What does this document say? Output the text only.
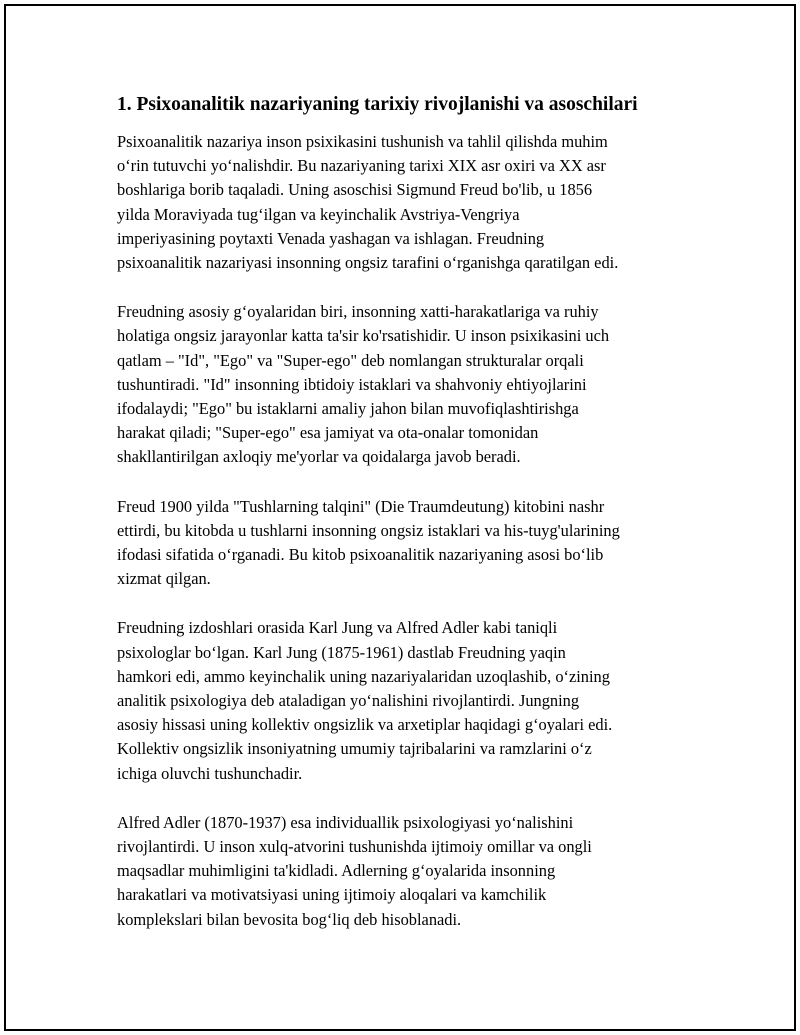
1. Psixoanalitik nazariyaning tarixiy rivojlanishi va asoschilari
Psixoanalitik nazariya inson psixikasini tushunish va tahlil qilishda muhim
oʻrin tutuvchi yoʻnalishdir. Bu nazariyaning tarixi XIX asr oxiri va XX asr
boshlariga borib taqaladi. Uning asoschisi Sigmund Freud bo'lib, u 1856
yilda Moraviyada tugʻilgan va keyinchalik Avstriya-Vengriya
imperiyasining poytaxti Venada yashagan va ishlagan. Freudning
psixoanalitik nazariyasi insonning ongsiz tarafini oʻrganishga qaratilgan edi.
Freudning asosiy gʻoyalaridan biri, insonning xatti-harakatlariga va ruhiy
holatiga ongsiz jarayonlar katta ta'sir ko'rsatishidir. U inson psixikasini uch
qatlam – "Id", "Ego" va "Super-ego" deb nomlangan strukturalar orqali
tushuntiradi. "Id" insonning ibtidoiy istaklari va shahvoniy ehtiyojlarini
ifodalaydi; "Ego" bu istaklarni amaliy jahon bilan muvofiqlashtirishga
harakat qiladi; "Super-ego" esa jamiyat va ota-onalar tomonidan
shakllantirilgan axloqiy me'yorlar va qoidalarga javob beradi.
Freud 1900 yilda "Tushlarning talqini" (Die Traumdeutung) kitobini nashr
ettirdi, bu kitobda u tushlarni insonning ongsiz istaklari va his-tuyg'ularining
ifodasi sifatida oʻrganadi. Bu kitob psixoanalitik nazariyaning asosi boʻlib
xizmat qilgan.
Freudning izdoshlari orasida Karl Jung va Alfred Adler kabi taniqli
psixologlar boʻlgan. Karl Jung (1875-1961) dastlab Freudning yaqin
hamkori edi, ammo keyinchalik uning nazariyalaridan uzoqlashib, oʻzining
analitik psixologiya deb ataladigan yoʻnalishini rivojlantirdi. Jungning
asosiy hissasi uning kollektiv ongsizlik va arxetiplar haqidagi gʻoyalari edi.
Kollektiv ongsizlik insoniyatning umumiy tajribalarini va ramzlarini oʻz
ichiga oluvchi tushunchadir.
Alfred Adler (1870-1937) esa individuallik psixologiyasi yoʻnalishini
rivojlantirdi. U inson xulq-atvorini tushunishda ijtimoiy omillar va ongli
maqsadlar muhimligini ta'kidladi. Adlerning gʻoyalarida insonning
harakatlari va motivatsiyasi uning ijtimoiy aloqalari va kamchilik
komplekslari bilan bevosita bogʻliq deb hisoblanadi.
